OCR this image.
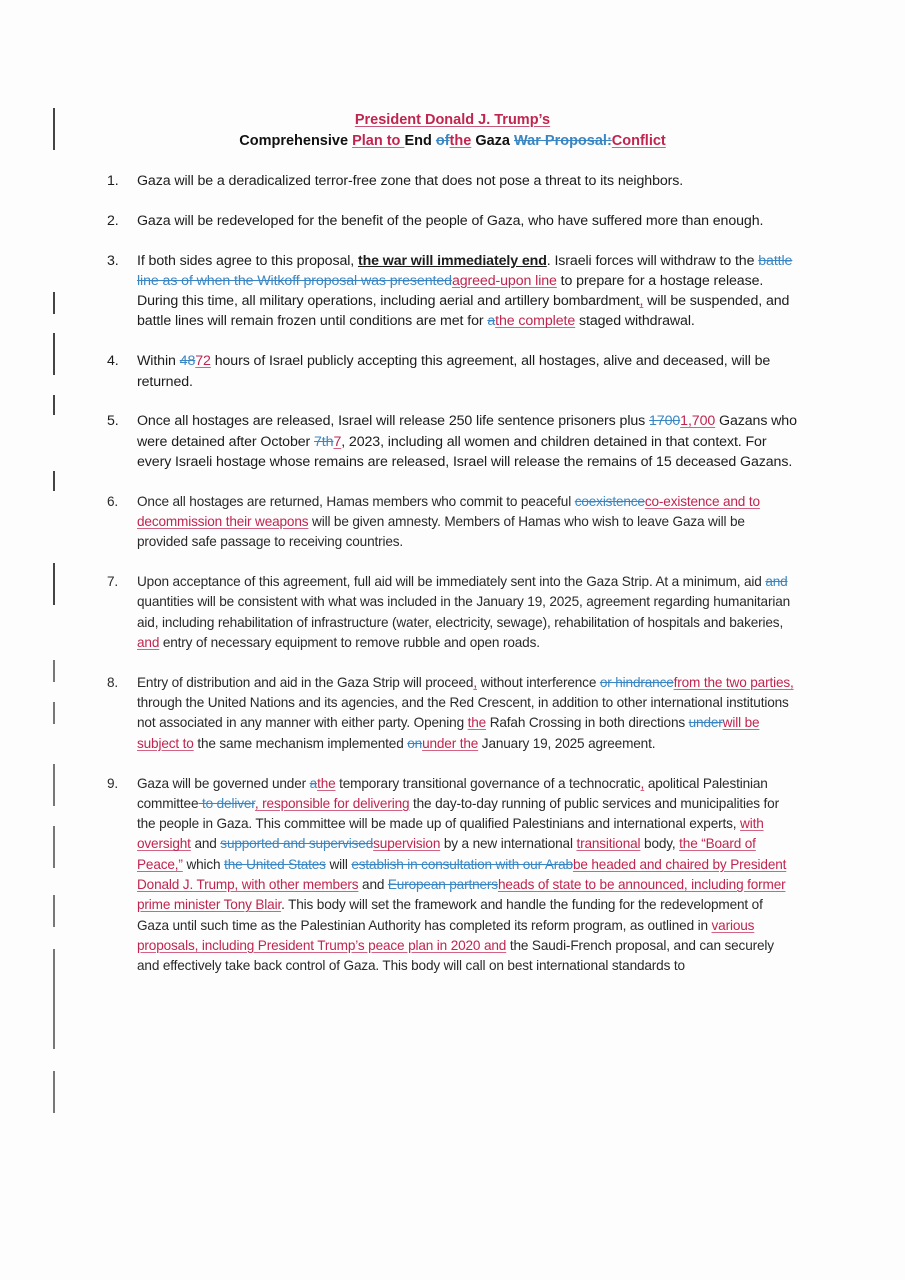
President Donald J. Trump’s
Comprehensive Plan to End ofthe Gaza War Proposal:Conflict
1. Gaza will be a deradicalized terror-free zone that does not pose a threat to its neighbors.
2. Gaza will be redeveloped for the benefit of the people of Gaza, who have suffered more than enough.
3. If both sides agree to this proposal, the war will immediately end. Israeli forces will withdraw to the battle line as of when the Witkoff proposal was presentedagreed-upon line to prepare for a hostage release. During this time, all military operations, including aerial and artillery bombardment, will be suspended, and battle lines will remain frozen until conditions are met for athe complete staged withdrawal.
4. Within 4872 hours of Israel publicly accepting this agreement, all hostages, alive and deceased, will be returned.
5. Once all hostages are released, Israel will release 250 life sentence prisoners plus 17001,700 Gazans who were detained after October 7th7, 2023, including all women and children detained in that context. For every Israeli hostage whose remains are released, Israel will release the remains of 15 deceased Gazans.
6. Once all hostages are returned, Hamas members who commit to peaceful coexistenceco-existence and to decommission their weapons will be given amnesty. Members of Hamas who wish to leave Gaza will be provided safe passage to receiving countries.
7. Upon acceptance of this agreement, full aid will be immediately sent into the Gaza Strip. At a minimum, aid and quantities will be consistent with what was included in the January 19, 2025, agreement regarding humanitarian aid, including rehabilitation of infrastructure (water, electricity, sewage), rehabilitation of hospitals and bakeries, and entry of necessary equipment to remove rubble and open roads.
8. Entry of distribution and aid in the Gaza Strip will proceed, without interference or hindrancefrom the two parties, through the United Nations and its agencies, and the Red Crescent, in addition to other international institutions not associated in any manner with either party. Opening the Rafah Crossing in both directions underwill be subject to the same mechanism implemented onunder the January 19, 2025 agreement.
9. Gaza will be governed under athe temporary transitional governance of a technocratic, apolitical Palestinian committee to deliver, responsible for delivering the day-to-day running of public services and municipalities for the people in Gaza. This committee will be made up of qualified Palestinians and international experts, with oversight and supported and supervisedsupervision by a new international transitional body, the “Board of Peace,” which the United States will establish in consultation with our Arabbe headed and chaired by President Donald J. Trump, with other members and European partnersheads of state to be announced, including former prime minister Tony Blair. This body will set the framework and handle the funding for the redevelopment of Gaza until such time as the Palestinian Authority has completed its reform program, as outlined in various proposals, including President Trump’s peace plan in 2020 and the Saudi-French proposal, and can securely and effectively take back control of Gaza. This body will call on best international standards to
